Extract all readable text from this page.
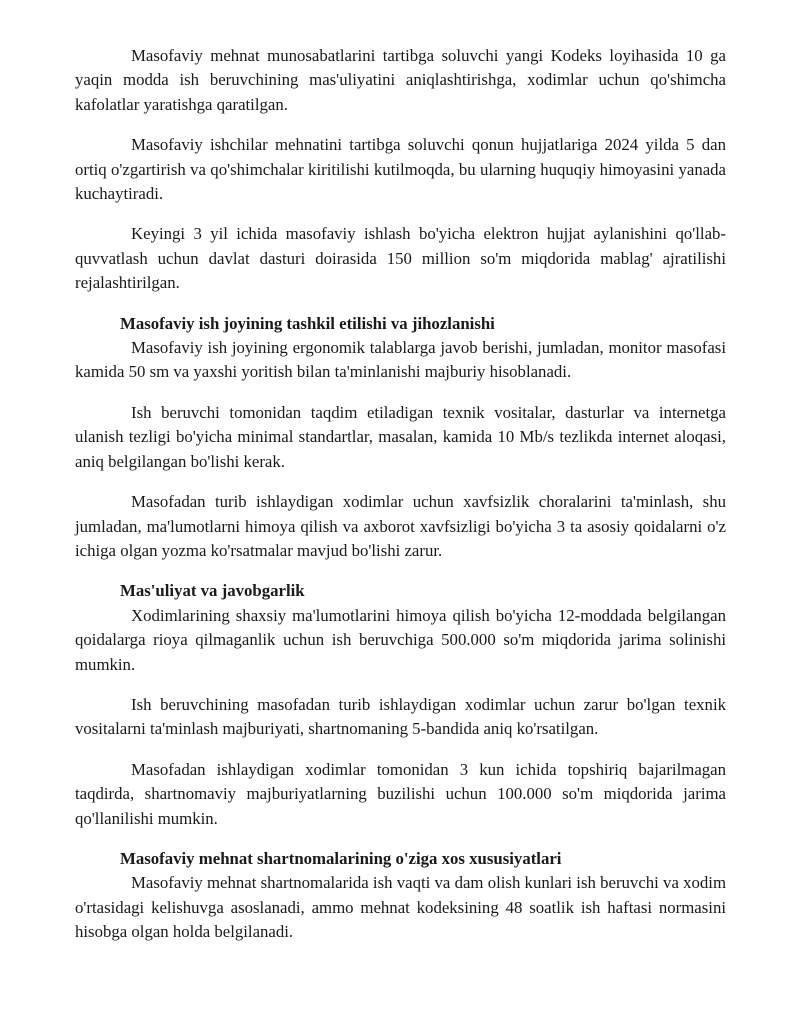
Masofaviy mehnat munosabatlarini tartibga soluvchi yangi Kodeks loyihasida 10 ga yaqin modda ish beruvchining mas'uliyatini aniqlashtirishga, xodimlar uchun qo'shimcha kafolatlar yaratishga qaratilgan.

Masofaviy ishchilar mehnatini tartibga soluvchi qonun hujjatlariga 2024 yilda 5 dan ortiq o'zgartirish va qo'shimchalar kiritilishi kutilmoqda, bu ularning huquqiy himoyasini yanada kuchaytiradi.

Keyingi 3 yil ichida masofaviy ishlash bo'yicha elektron hujjat aylanishini qo'llab-quvvatlash uchun davlat dasturi doirasida 150 million so'm miqdorida mablag' ajratilishi rejalashtirilgan.

Masofaviy ish joyining tashkil etilishi va jihozlanishi

Masofaviy ish joyining ergonomik talablarga javob berishi, jumladan, monitor masofasi kamida 50 sm va yaxshi yoritish bilan ta'minlanishi majburiy hisoblanadi.

Ish beruvchi tomonidan taqdim etiladigan texnik vositalar, dasturlar va internetga ulanish tezligi bo'yicha minimal standartlar, masalan, kamida 10 Mb/s tezlikda internet aloqasi, aniq belgilangan bo'lishi kerak.

Masofadan turib ishlaydigan xodimlar uchun xavfsizlik choralarini ta'minlash, shu jumladan, ma'lumotlarni himoya qilish va axborot xavfsizligi bo'yicha 3 ta asosiy qoidalarni o'z ichiga olgan yozma ko'rsatmalar mavjud bo'lishi zarur.

Mas'uliyat va javobgarlik

Xodimlarining shaxsiy ma'lumotlarini himoya qilish bo'yicha 12-moddada belgilangan qoidalarga rioya qilmaganlik uchun ish beruvchiga 500.000 so'm miqdorida jarima solinishi mumkin.

Ish beruvchining masofadan turib ishlaydigan xodimlar uchun zarur bo'lgan texnik vositalarni ta'minlash majburiyati, shartnomaning 5-bandida aniq ko'rsatilgan.

Masofadan ishlaydigan xodimlar tomonidan 3 kun ichida topshiriq bajarilmagan taqdirda, shartnomaviy majburiyatlarning buzilishi uchun 100.000 so'm miqdorida jarima qo'llanilishi mumkin.

Masofaviy mehnat shartnomalarining o'ziga xos xususiyatlari

Masofaviy mehnat shartnomalarida ish vaqti va dam olish kunlari ish beruvchi va xodim o'rtasidagi kelishuvga asoslanadi, ammo mehnat kodeksining 48 soatlik ish haftasi normasini hisobga olgan holda belgilanadi.
